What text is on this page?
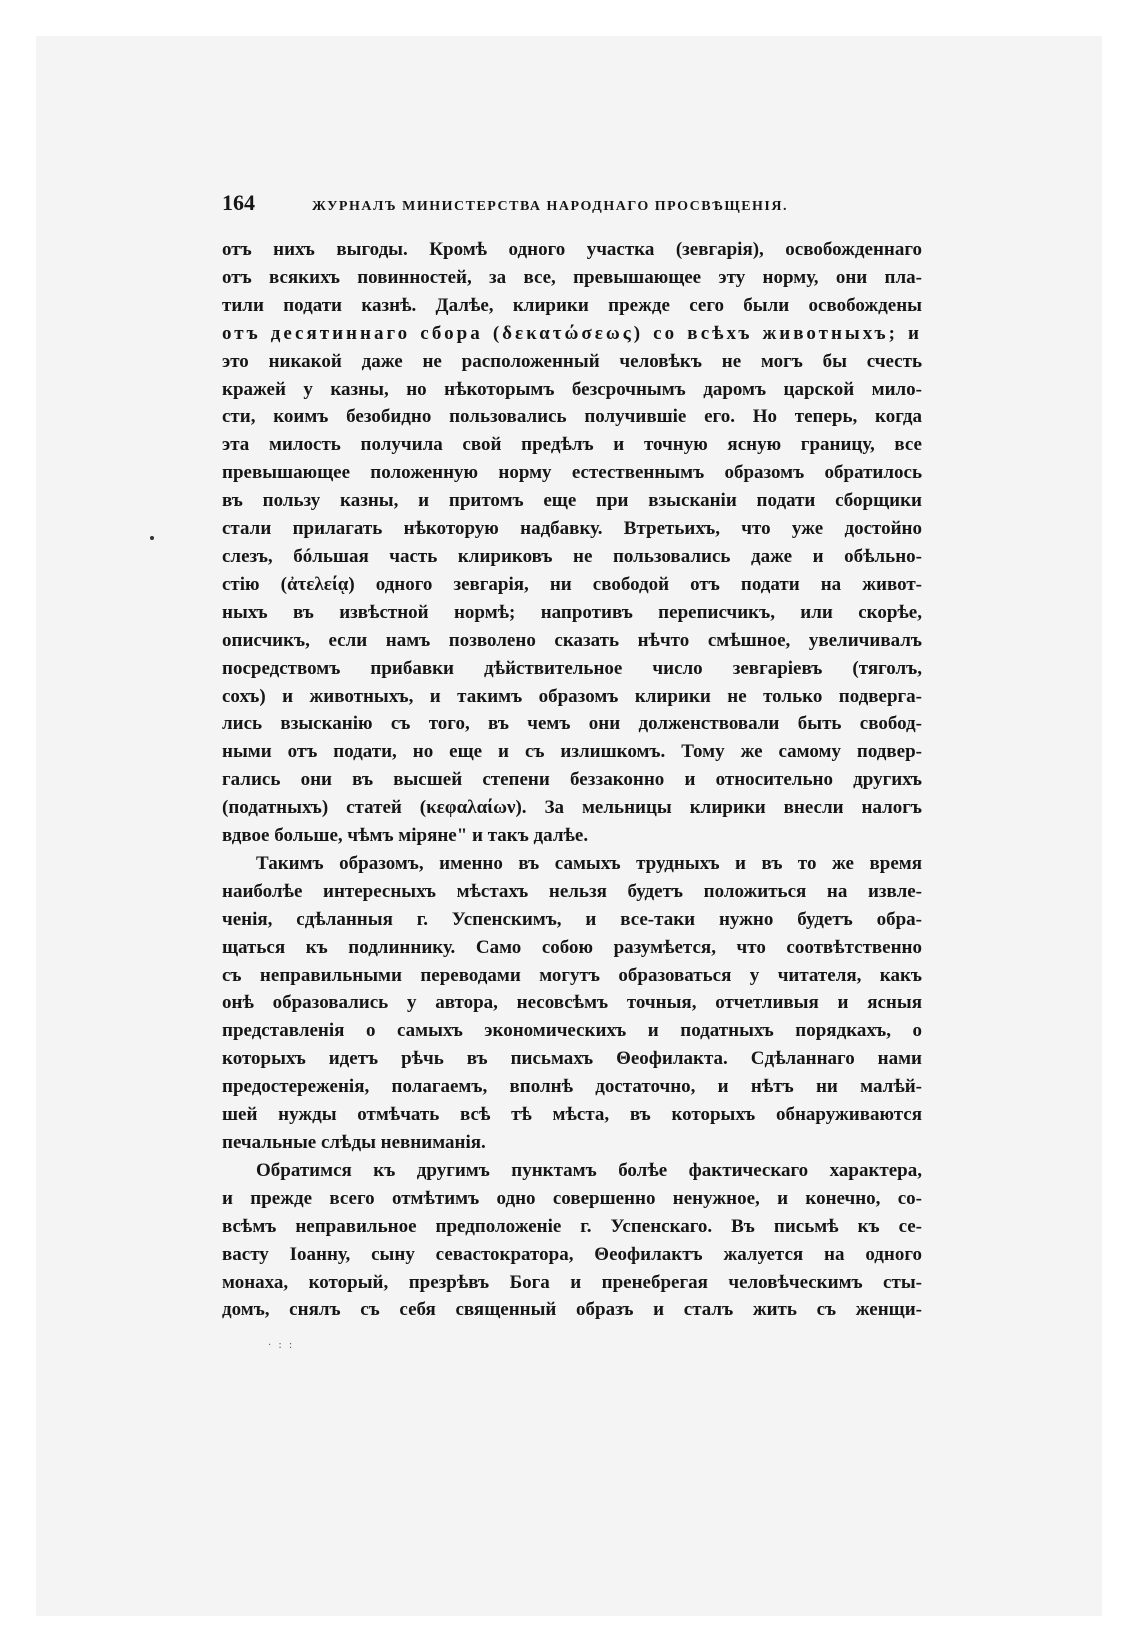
164	ЖУРНАЛЪ МИНИСТЕРСТВА НАРОДНАГО ПРОСВѢЩЕНІЯ.
отъ нихъ выгоды. Кромѣ одного участка (зевгарія), освобожденнаго
отъ всякихъ повинностей, за все, превышающее эту норму, они пла-
тили подати казнѣ. Далѣе, клирики прежде сего были освобождены
отъ десятиннаго сбора (δεκατώσεως) со всѣхъ животныхъ; и
это никакой даже не расположенный человѣкъ не могъ бы счесть
кражей у казны, но нѣкоторымъ безсрочнымъ даромъ царской мило-
сти, коимъ безобидно пользовались получившіе его. Но теперь, когда
эта милость получила свой предѣлъ и точную ясную границу, все
превышающее положенную норму естественнымъ образомъ обратилось
въ пользу казны, и притомъ еще при взысканіи подати сборщики
стали прилагать нѣкоторую надбавку. Втретьихъ, что уже достойно
слезъ, бóльшая часть клириковъ не пользовались даже и обѣльно-
стію (ἀτελείᾳ) одного зевгарія, ни свободой отъ подати на живот-
ныхъ въ извѣстной нормѣ; напротивъ переписчикъ, или скорѣе,
описчикъ, если намъ позволено сказать нѣчто смѣшное, увеличивалъ
посредствомъ прибавки дѣйствительное число зевгаріевъ (тяголъ,
сохъ) и животныхъ, и такимъ образомъ клирики не только подверга-
лись взысканію съ того, въ чемъ они долженствовали быть свобод-
ными отъ подати, но еще и съ излишкомъ. Тому же самому подвер-
гались они въ высшей степени беззаконно и относительно другихъ
(податныхъ) статей (κεφαλαίων). За мельницы клирики внесли налогъ
вдвое больше, чѣмъ міряне" и такъ далѣе.
Такимъ образомъ, именно въ самыхъ трудныхъ и въ то же время
наиболѣе интересныхъ мѣстахъ нельзя будетъ положиться на извле-
ченія, сдѣланныя г. Успенскимъ, и все-таки нужно будетъ обра-
щаться къ подлиннику. Само собою разумѣется, что соотвѣтственно
съ неправильными переводами могутъ образоваться у читателя, какъ
онѣ образовались у автора, несовсѣмъ точныя, отчетливыя и ясныя
представленія о самыхъ экономическихъ и податныхъ порядкахъ, о
которыхъ идетъ рѣчь въ письмахъ Θеофилакта. Сдѣланнаго нами
предостереженія, полагаемъ, вполнѣ достаточно, и нѣтъ ни малѣй-
шей нужды отмѣчать всѣ тѣ мѣста, въ которыхъ обнаруживаются
печальные слѣды невниманія.
Обратимся къ другимъ пунктамъ болѣе фактическаго характера,
и прежде всего отмѣтимъ одно совершенно ненужное, и конечно, со-
всѣмъ неправильное предположеніе г. Успенскаго. Въ письмѣ къ се-
васту Іоанну, сыну севастократора, Θеофилактъ жалуется на одного
монаха, который, презрѣвъ Бога и пренебрегая человѣческимъ сты-
домъ, снялъ съ себя священный образъ и сталъ жить съ женщи-
· : :
